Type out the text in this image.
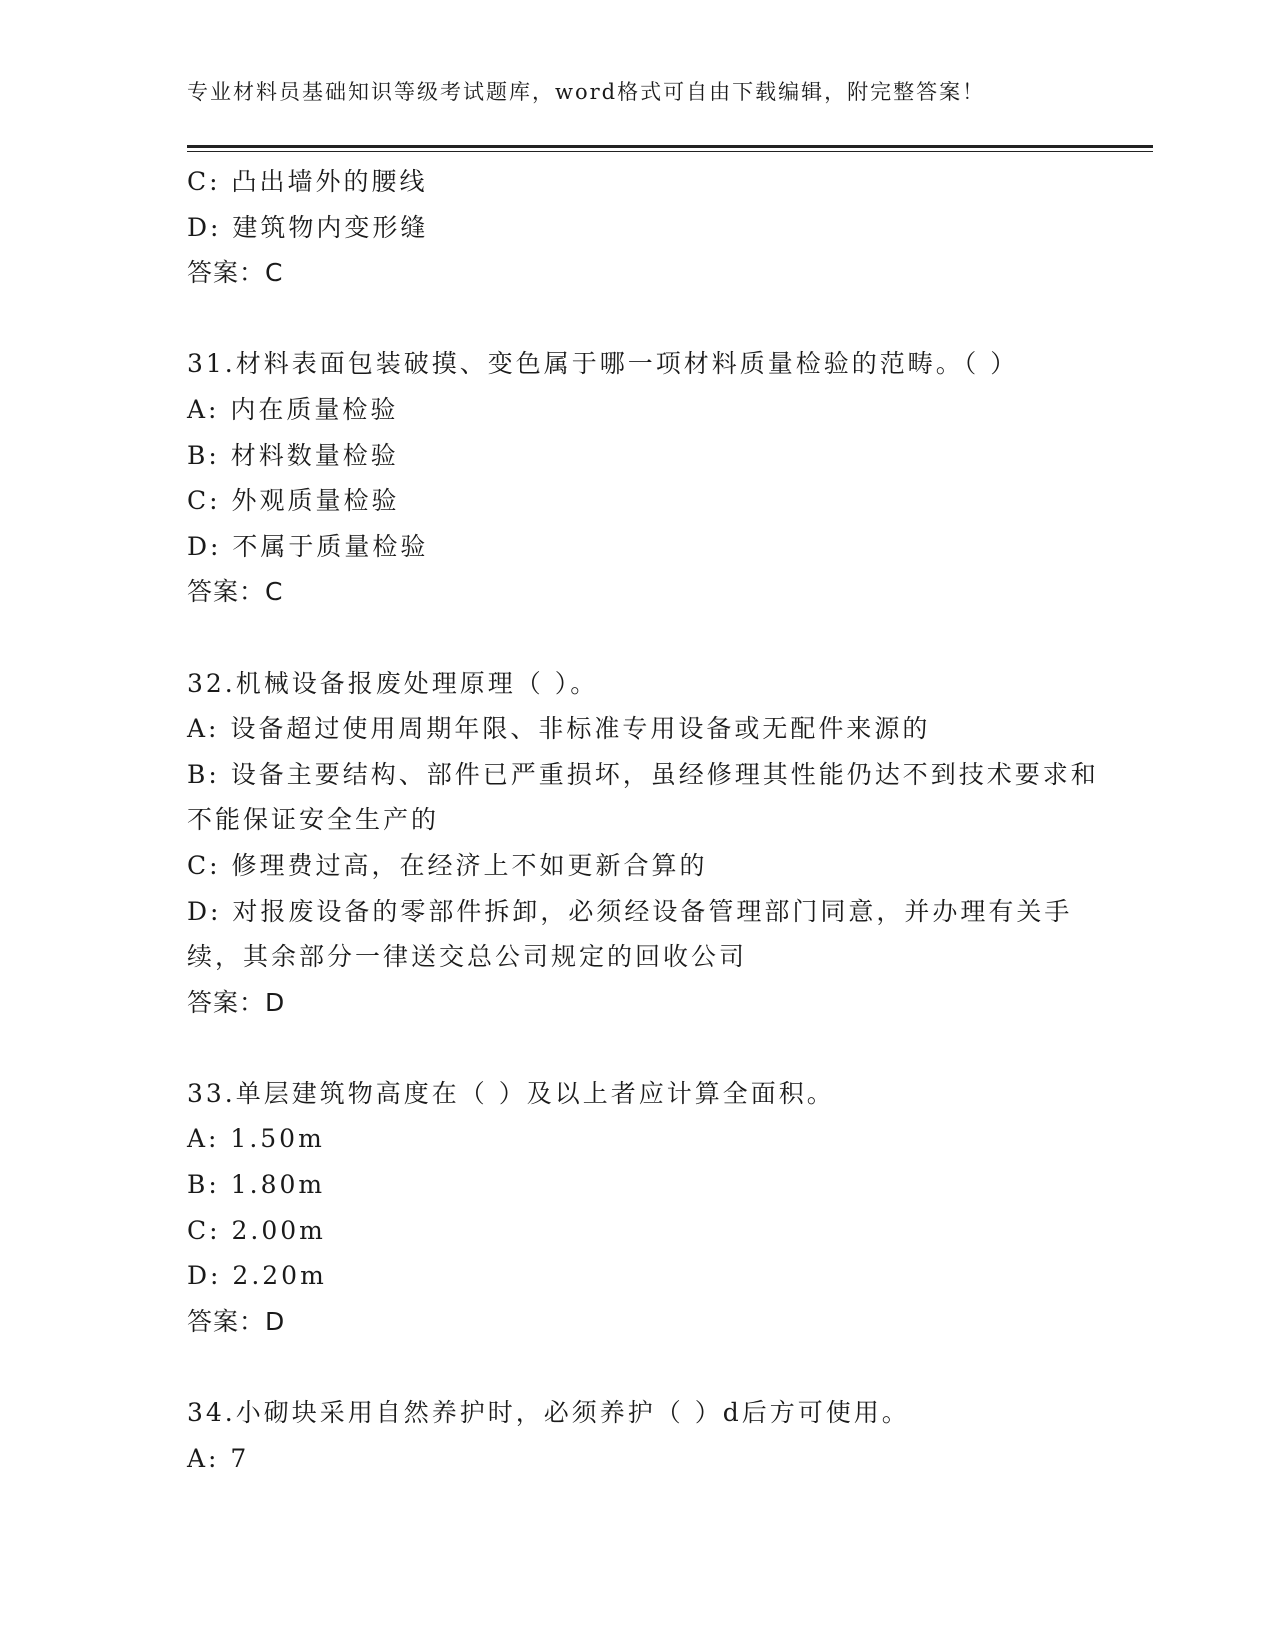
专业材料员基础知识等级考试题库，word格式可自由下载编辑，附完整答案！

C: 凸出墙外的腰线

D: 建筑物内变形缝

答案：C

31.材料表面包装破摸、变色属于哪一项材料质量检验的范畴。（ ）

A: 内在质量检验

B: 材料数量检验

C: 外观质量检验

D: 不属于质量检验

答案：C

32.机械设备报废处理原理（ ）。

A: 设备超过使用周期年限、非标准专用设备或无配件来源的

B: 设备主要结构、部件已严重损坏，虽经修理其性能仍达不到技术要求和不能保证安全生产的

C: 修理费过高，在经济上不如更新合算的

D: 对报废设备的零部件拆卸，必须经设备管理部门同意，并办理有关手续，其余部分一律送交总公司规定的回收公司

答案：D

33.单层建筑物高度在（ ）及以上者应计算全面积。

A: 1.50m

B: 1.80m

C: 2.00m

D: 2.20m

答案：D

34.小砌块采用自然养护时，必须养护（ ）d后方可使用。

A: 7
